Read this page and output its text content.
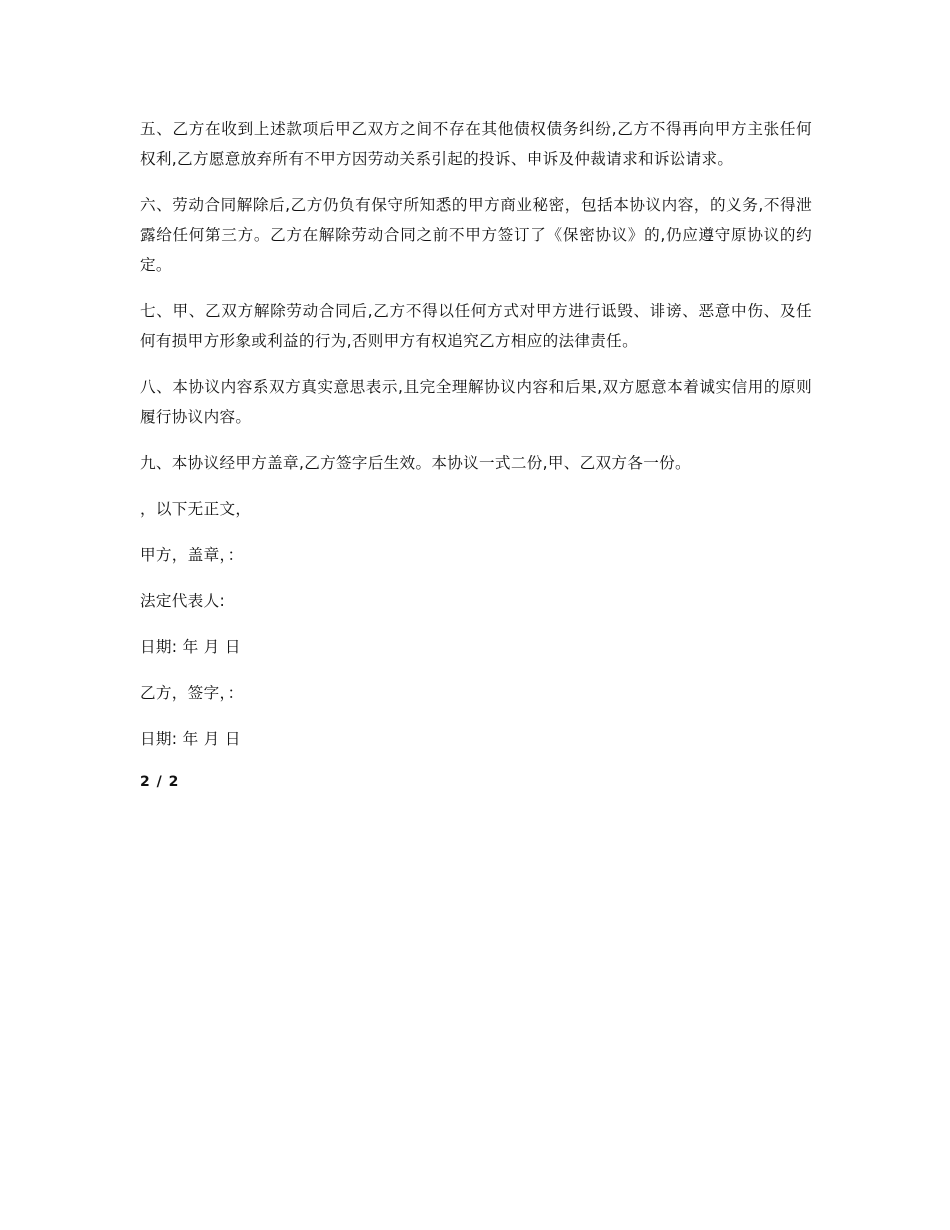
五、乙方在收到上述款项后甲乙双方之间不存在其他债权债务纠纷,乙方不得再向甲方主张任何权利,乙方愿意放弃所有不甲方因劳动关系引起的投诉、申诉及仲裁请求和诉讼请求。

六、劳动合同解除后,乙方仍负有保守所知悉的甲方商业秘密，包括本协议内容，的义务,不得泄露给任何第三方。乙方在解除劳动合同之前不甲方签订了《保密协议》的,仍应遵守原协议的约定。

七、甲、乙双方解除劳动合同后,乙方不得以任何方式对甲方进行诋毁、诽谤、恶意中伤、及任何有损甲方形象或利益的行为,否则甲方有权追究乙方相应的法律责任。

八、本协议内容系双方真实意思表示,且完全理解协议内容和后果,双方愿意本着诚实信用的原则履行协议内容。

九、本协议经甲方盖章,乙方签字后生效。本协议一式二份,甲、乙双方各一份。

，以下无正文，

甲方，盖章，：

法定代表人:

日期: 年 月 日

乙方，签字，：

日期: 年 月 日

2 / 2
